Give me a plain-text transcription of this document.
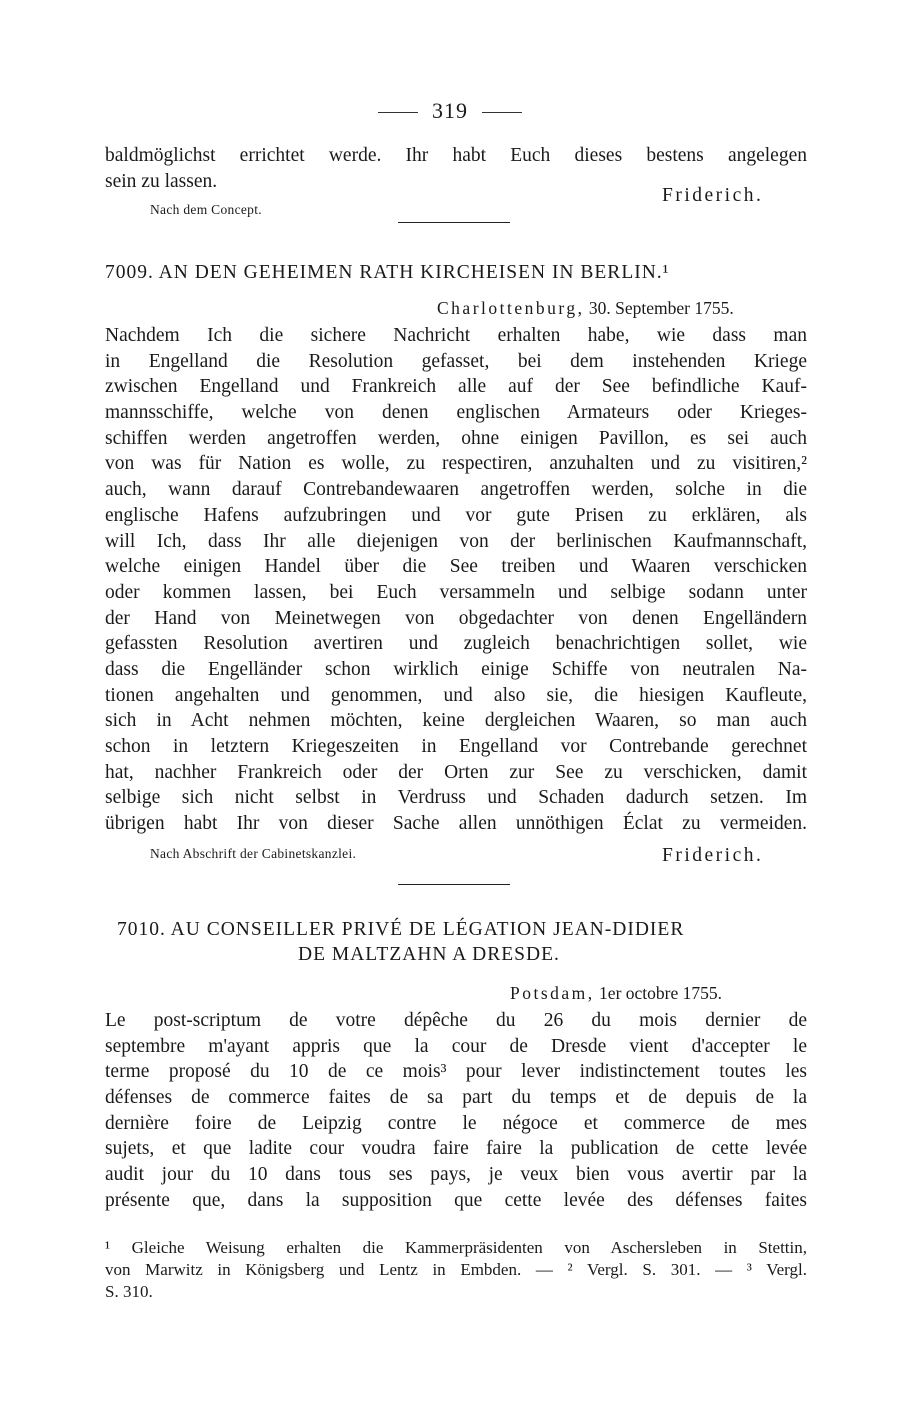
319
baldmöglichst errichtet werde. Ihr habt Euch dieses bestens angelegen
sein zu lassen.
Friderich.
Nach dem Concept.
7009. AN DEN GEHEIMEN RATH KIRCHEISEN IN BERLIN.¹
Charlottenburg, 30. September 1755.
Nachdem Ich die sichere Nachricht erhalten habe, wie dass man
in Engelland die Resolution gefasset, bei dem instehenden Kriege
zwischen Engelland und Frankreich alle auf der See befindliche Kauf-
mannsschiffe, welche von denen englischen Armateurs oder Krieges-
schiffen werden angetroffen werden, ohne einigen Pavillon, es sei auch
von was für Nation es wolle, zu respectiren, anzuhalten und zu visitiren,²
auch, wann darauf Contrebandewaaren angetroffen werden, solche in die
englische Hafens aufzubringen und vor gute Prisen zu erklären, als
will Ich, dass Ihr alle diejenigen von der berlinischen Kaufmannschaft,
welche einigen Handel über die See treiben und Waaren verschicken
oder kommen lassen, bei Euch versammeln und selbige sodann unter
der Hand von Meinetwegen von obgedachter von denen Engelländern
gefassten Resolution avertiren und zugleich benachrichtigen sollet, wie
dass die Engelländer schon wirklich einige Schiffe von neutralen Na-
tionen angehalten und genommen, und also sie, die hiesigen Kaufleute,
sich in Acht nehmen möchten, keine dergleichen Waaren, so man auch
schon in letztern Kriegeszeiten in Engelland vor Contrebande gerechnet
hat, nachher Frankreich oder der Orten zur See zu verschicken, damit
selbige sich nicht selbst in Verdruss und Schaden dadurch setzen. Im
übrigen habt Ihr von dieser Sache allen unnöthigen Éclat zu vermeiden.
Nach Abschrift der Cabinetskanzlei.	Friderich.
7010. AU CONSEILLER PRIVÉ DE LÉGATION JEAN-DIDIER
DE MALTZAHN A DRESDE.
Potsdam, 1er octobre 1755.
Le post-scriptum de votre dépêche du 26 du mois dernier de
septembre m'ayant appris que la cour de Dresde vient d'accepter le
terme proposé du 10 de ce mois³ pour lever indistinctement toutes les
défenses de commerce faites de sa part du temps et de depuis de la
dernière foire de Leipzig contre le négoce et commerce de mes
sujets, et que ladite cour voudra faire faire la publication de cette levée
audit jour du 10 dans tous ses pays, je veux bien vous avertir par la
présente que, dans la supposition que cette levée des défenses faites
¹ Gleiche Weisung erhalten die Kammerpräsidenten von Aschersleben in Stettin,
von Marwitz in Königsberg und Lentz in Embden. — ² Vergl. S. 301. — ³ Vergl.
S. 310.
